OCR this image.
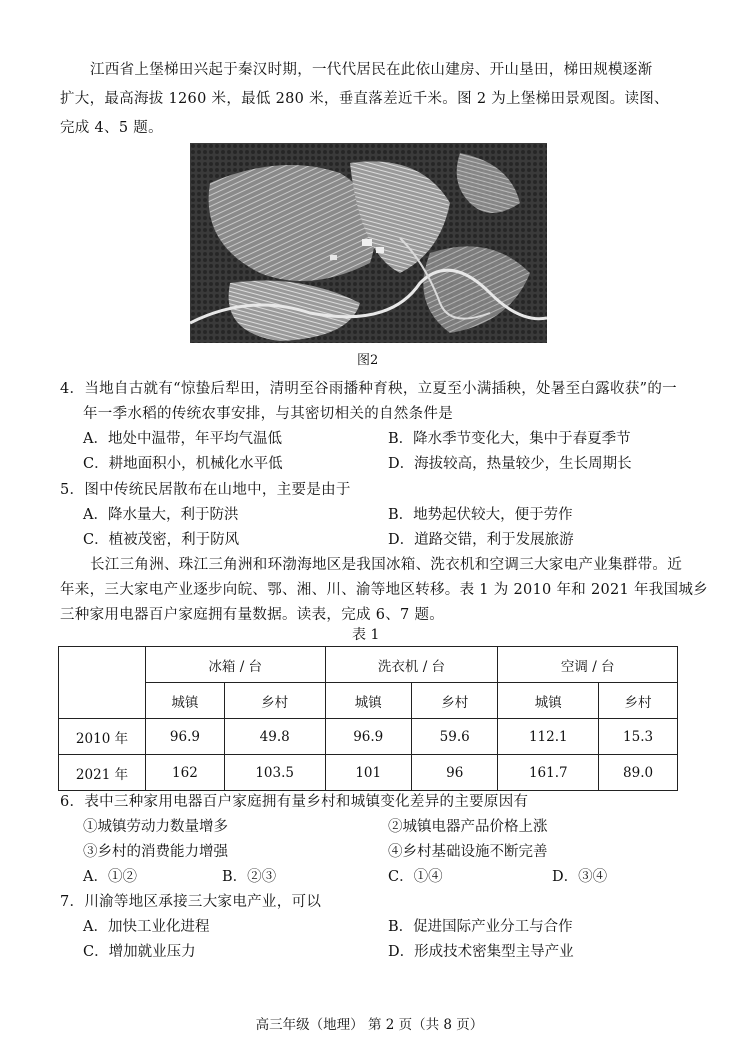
江西省上堡梯田兴起于秦汉时期，一代代居民在此依山建房、开山垦田，梯田规模逐渐
扩大，最高海拔 1260 米，最低 280 米，垂直落差近千米。图 2 为上堡梯田景观图。读图、
完成 4、5 题。
图2
4．当地自古就有“惊蛰后犁田，清明至谷雨播种育秧，立夏至小满插秧，处暑至白露收获”的一
年一季水稻的传统农事安排，与其密切相关的自然条件是
A．地处中温带，年平均气温低	B．降水季节变化大，集中于春夏季节
C．耕地面积小，机械化水平低	D．海拔较高，热量较少，生长周期长
5．图中传统民居散布在山地中，主要是由于
A．降水量大，利于防洪	B．地势起伏较大，便于劳作
C．植被茂密，利于防风	D．道路交错，利于发展旅游
长江三角洲、珠江三角洲和环渤海地区是我国冰箱、洗衣机和空调三大家电产业集群带。近
年来，三大家电产业逐步向皖、鄂、湘、川、渝等地区转移。表 1 为 2010 年和 2021 年我国城乡
三种家用电器百户家庭拥有量数据。读表，完成 6、7 题。
表 1
	冰箱 / 台		洗衣机 / 台		空调 / 台	
	城镇	乡村	城镇	乡村	城镇	乡村
2010 年	96.9	49.8	96.9	59.6	112.1	15.3
2021 年	162	103.5	101	96	161.7	89.0
6．表中三种家用电器百户家庭拥有量乡村和城镇变化差异的主要原因有
①城镇劳动力数量增多	②城镇电器产品价格上涨
③乡村的消费能力增强	④乡村基础设施不断完善
A．①②	B．②③	C．①④	D．③④
7．川渝等地区承接三大家电产业，可以
A．加快工业化进程	B．促进国际产业分工与合作
C．增加就业压力	D．形成技术密集型主导产业
高三年级（地理） 第 2 页（共 8 页）
